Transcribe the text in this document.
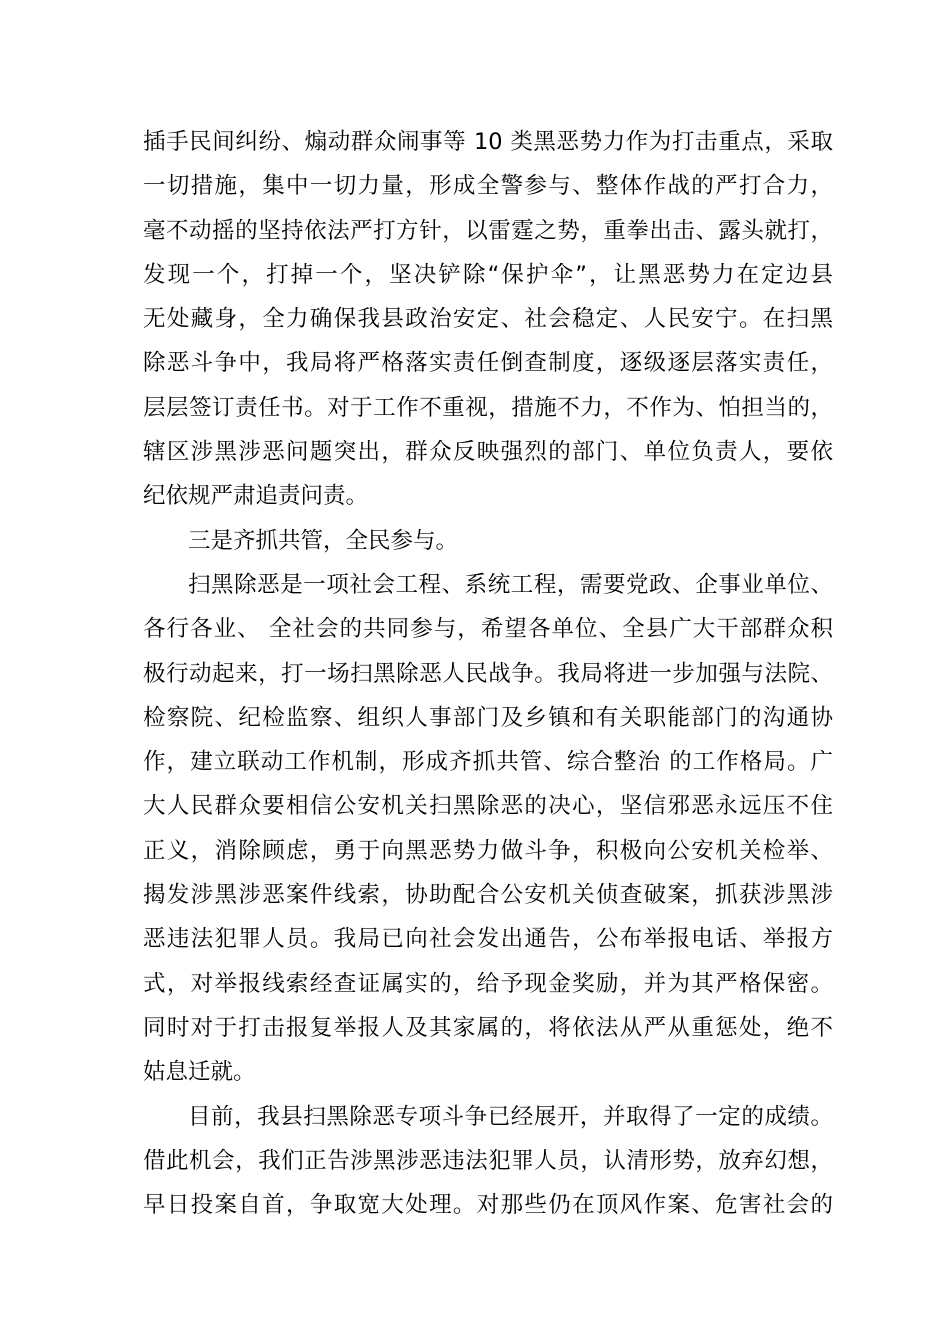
插手民间纠纷、煽动群众闹事等 10 类黑恶势力作为打击重点，采取
一切措施，集中一切力量，形成全警参与、整体作战的严打合力，
毫不动摇的坚持依法严打方针，以雷霆之势，重拳出击、露头就打，
发现一个，打掉一个，坚决铲除“保护伞”，让黑恶势力在定边县
无处藏身，全力确保我县政治安定、社会稳定、人民安宁。在扫黑
除恶斗争中，我局将严格落实责任倒查制度，逐级逐层落实责任，
层层签订责任书。对于工作不重视，措施不力，不作为、怕担当的，
辖区涉黑涉恶问题突出，群众反映强烈的部门、单位负责人，要依
纪依规严肃追责问责。
三是齐抓共管，全民参与。
扫黑除恶是一项社会工程、系统工程，需要党政、企事业单位、
各行各业、 全社会的共同参与，希望各单位、全县广大干部群众积
极行动起来，打一场扫黑除恶人民战争。我局将进一步加强与法院、
检察院、纪检监察、组织人事部门及乡镇和有关职能部门的沟通协
作，建立联动工作机制，形成齐抓共管、综合整治 的工作格局。广
大人民群众要相信公安机关扫黑除恶的决心，坚信邪恶永远压不住
正义，消除顾虑，勇于向黑恶势力做斗争，积极向公安机关检举、
揭发涉黑涉恶案件线索，协助配合公安机关侦查破案，抓获涉黑涉
恶违法犯罪人员。我局已向社会发出通告，公布举报电话、举报方
式，对举报线索经查证属实的，给予现金奖励，并为其严格保密。
同时对于打击报复举报人及其家属的，将依法从严从重惩处，绝不
姑息迁就。
目前，我县扫黑除恶专项斗争已经展开，并取得了一定的成绩。
借此机会，我们正告涉黑涉恶违法犯罪人员，认清形势，放弃幻想，
早日投案自首，争取宽大处理。对那些仍在顶风作案、危害社会的
